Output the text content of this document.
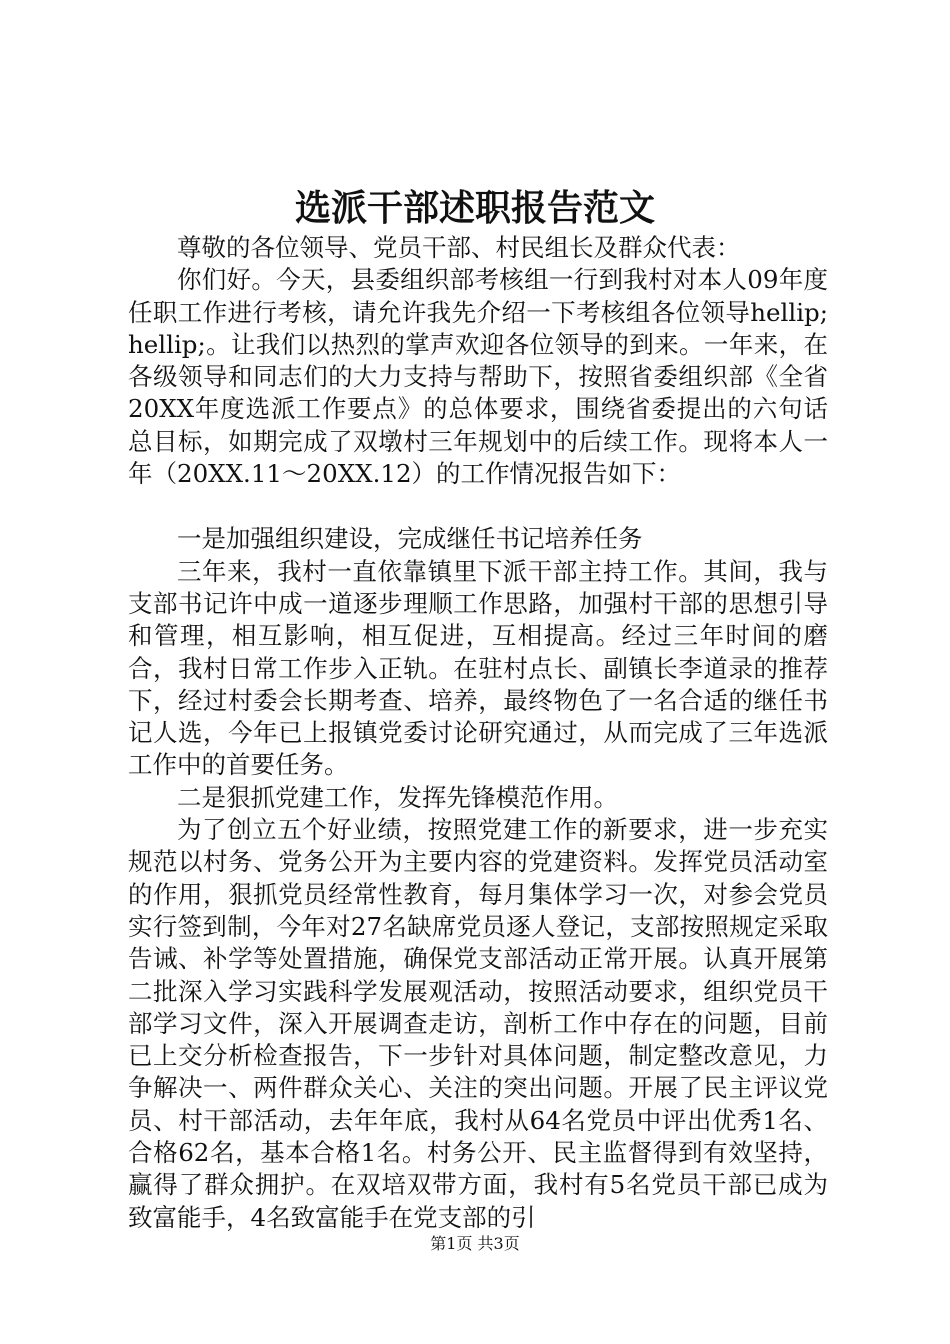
选派干部述职报告范文

尊敬的各位领导、党员干部、村民组长及群众代表：

你们好。今天，县委组织部考核组一行到我村对本人09年度任职工作进行考核，请允许我先介绍一下考核组各位领导hellip;hellip;。让我们以热烈的掌声欢迎各位领导的到来。一年来，在各级领导和同志们的大力支持与帮助下，按照省委组织部《全省20XX年度选派工作要点》的总体要求，围绕省委提出的六句话总目标，如期完成了双墩村三年规划中的后续工作。现将本人一年（20XX.11～20XX.12）的工作情况报告如下：

一是加强组织建设，完成继任书记培养任务

三年来，我村一直依靠镇里下派干部主持工作。其间，我与支部书记许中成一道逐步理顺工作思路，加强村干部的思想引导和管理，相互影响，相互促进，互相提高。经过三年时间的磨合，我村日常工作步入正轨。在驻村点长、副镇长李道录的推荐下，经过村委会长期考查、培养，最终物色了一名合适的继任书记人选，今年已上报镇党委讨论研究通过，从而完成了三年选派工作中的首要任务。

二是狠抓党建工作，发挥先锋模范作用。

为了创立五个好业绩，按照党建工作的新要求，进一步充实规范以村务、党务公开为主要内容的党建资料。发挥党员活动室的作用，狠抓党员经常性教育，每月集体学习一次，对参会党员实行签到制，今年对27名缺席党员逐人登记，支部按照规定采取告诫、补学等处置措施，确保党支部活动正常开展。认真开展第二批深入学习实践科学发展观活动，按照活动要求，组织党员干部学习文件，深入开展调查走访，剖析工作中存在的问题，目前已上交分析检查报告，下一步针对具体问题，制定整改意见，力争解决一、两件群众关心、关注的突出问题。开展了民主评议党员、村干部活动，去年年底，我村从64名党员中评出优秀1名、合格62名，基本合格1名。村务公开、民主监督得到有效坚持，赢得了群众拥护。在双培双带方面，我村有5名党员干部已成为致富能手，4名致富能手在党支部的引

第1页 共3页
